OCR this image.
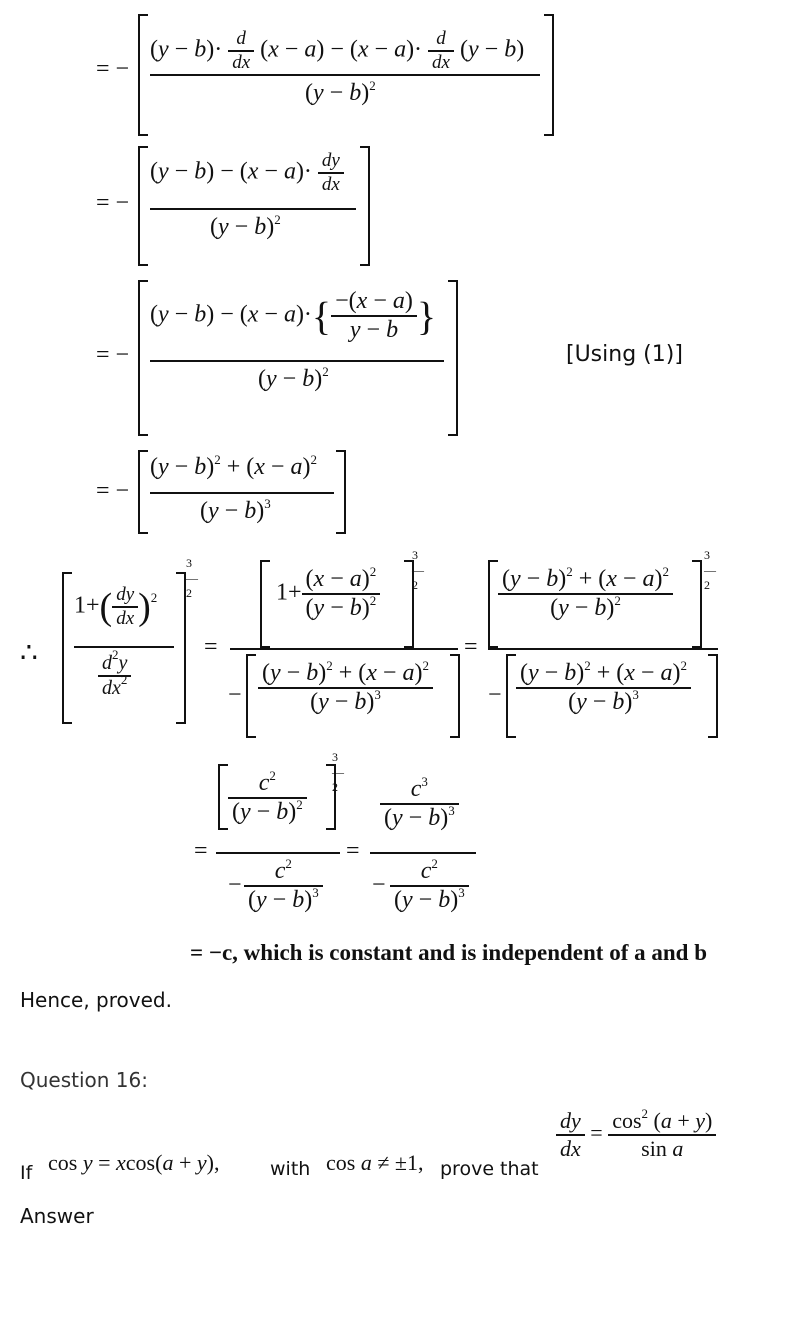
= −
$(y - b)\cdot \frac{d}{dx} (x - a) - (x - a)\cdot \frac{d}{dx} (y - b)$
$(y - b)^2$
= −
$(y - b) - (x - a)\cdot \frac{dy}{dx}$
$(y - b)^2$
= −
$(y - b) - (x - a)\cdot\{ \frac{-(x - a)}{y - b}$ }
$(y - b)^2$
[Using (1)]
= −
$(y - b)^2 + (x - a)^2$
$(y - b)^3$
∴
3
―
2
$1+( \frac{dy}{dx} )^2$
$\frac{d^2y}{dx^2}$
=
3
―
2
$1+ \frac{(x - a)^2}{(y - b)^2}$
− $\frac{(y - b)^2 + (x - a)^2}{(y - b)^3}$
=
3
―
2
$\frac{(y - b)^2 + (x - a)^2}{(y - b)^2}$
− $\frac{(y - b)^2 + (x - a)^2}{(y - b)^3}$
=
3
―
2
$\frac{c^2}{(y - b)^2}$
− $\frac{c^2}{(y - b)^3}$
=
$\frac{c^3}{(y - b)^3}$
− $\frac{c^2}{(y - b)^3}$
= −c, which is constant and is independent of a and b
Hence, proved.
Question 16:
If cos y = xcos(a + y),	with cos a ≠ ±1, prove that
$\frac{dy}{dx} = \frac{\cos^2 (a + y)}{\text{sin a}}$
Answer
